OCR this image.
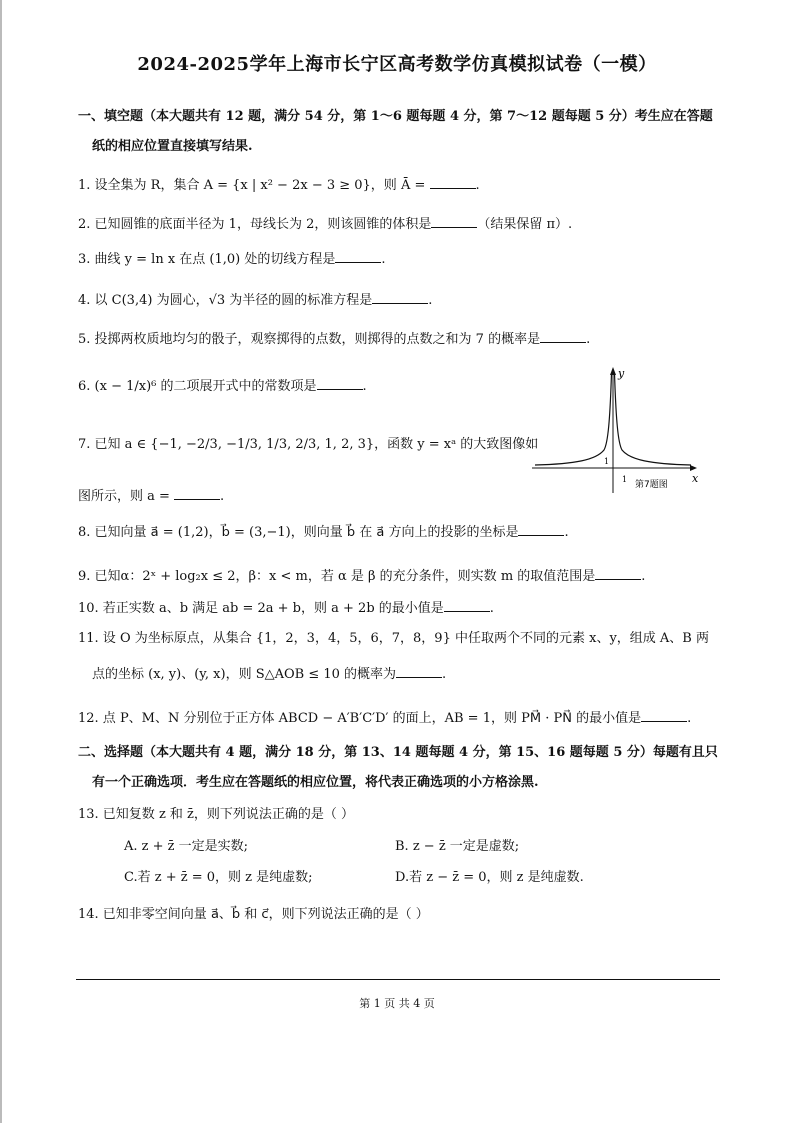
2024-2025学年上海市长宁区高考数学仿真模拟试卷（一模）
一、填空题（本大题共有 12 题，满分 54 分，第 1～6 题每题 4 分，第 7～12 题每题 5 分）考生应在答题
纸的相应位置直接填写结果.
1. 设全集为 R，集合 A = {x | x² − 2x − 3 ≥ 0}，则 Ā =	.
2. 已知圆锥的底面半径为 1，母线长为 2，则该圆锥的体积是	（结果保留 π）.
3. 曲线 y = ln x 在点 (1,0) 处的切线方程是	.
4. 以 C(3,4) 为圆心，√3 为半径的圆的标准方程是	.
5. 投掷两枚质地均匀的骰子，观察掷得的点数，则掷得的点数之和为 7 的概率是	.
6. (x − 1/x)⁶ 的二项展开式中的常数项是	.
7. 已知 a ∈ {−1, −2/3, −1/3, 1/3, 2/3, 1, 2, 3}，函数 y = xᵃ 的大致图像如
图所示，则 a =	.
y
x
1
1
第7题图
8. 已知向量 a⃗ = (1,2)，b⃗ = (3,−1)，则向量 b⃗ 在 a⃗ 方向上的投影的坐标是	.
9. 已知α：2ˣ + log₂x ≤ 2，β：x < m，若 α 是 β 的充分条件，则实数 m 的取值范围是	.
10. 若正实数 a、b 满足 ab = 2a + b，则 a + 2b 的最小值是	.
11. 设 O 为坐标原点，从集合 {1，2，3，4，5，6，7，8，9} 中任取两个不同的元素 x、y，组成 A、B 两
点的坐标 (x, y)、(y, x)，则 S△AOB ≤ 10 的概率为	.
12. 点 P、M、N 分别位于正方体 ABCD − A′B′C′D′ 的面上，AB = 1，则 PM⃗ · PN⃗ 的最小值是	.
二、选择题（本大题共有 4 题，满分 18 分，第 13、14 题每题 4 分，第 15、16 题每题 5 分）每题有且只
有一个正确选项．考生应在答题纸的相应位置，将代表正确选项的小方格涂黑.
13. 已知复数 z 和 z̄，则下列说法正确的是（ ）
A. z + z̄ 一定是实数;	B. z − z̄ 一定是虚数;
C.若 z + z̄ = 0，则 z 是纯虚数;	D.若 z − z̄ = 0，则 z 是纯虚数.
14. 已知非零空间向量 a⃗、b⃗ 和 c⃗，则下列说法正确的是（ ）
第 1 页 共 4 页
